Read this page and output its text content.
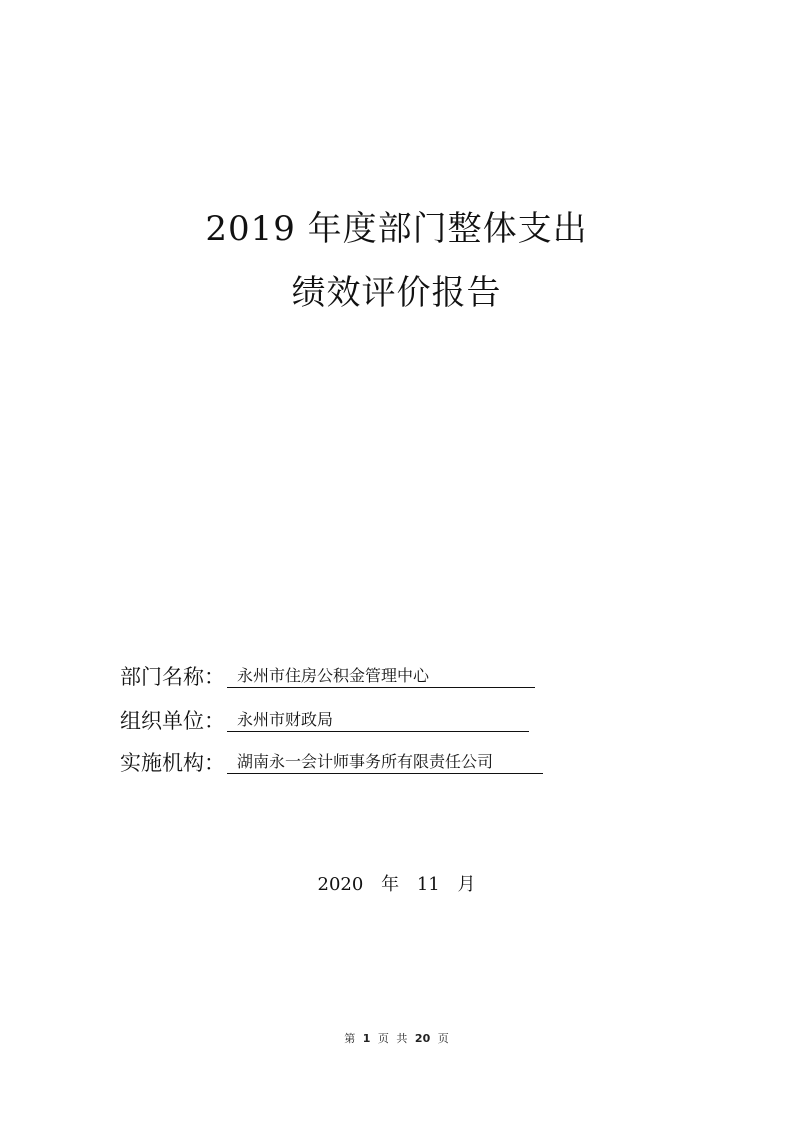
2019 年度部门整体支出
绩效评价报告
部门名称： 永州市住房公积金管理中心
组织单位： 永州市财政局
实施机构： 湖南永一会计师事务所有限责任公司
2020 年 11 月
第 1 页 共 20 页
